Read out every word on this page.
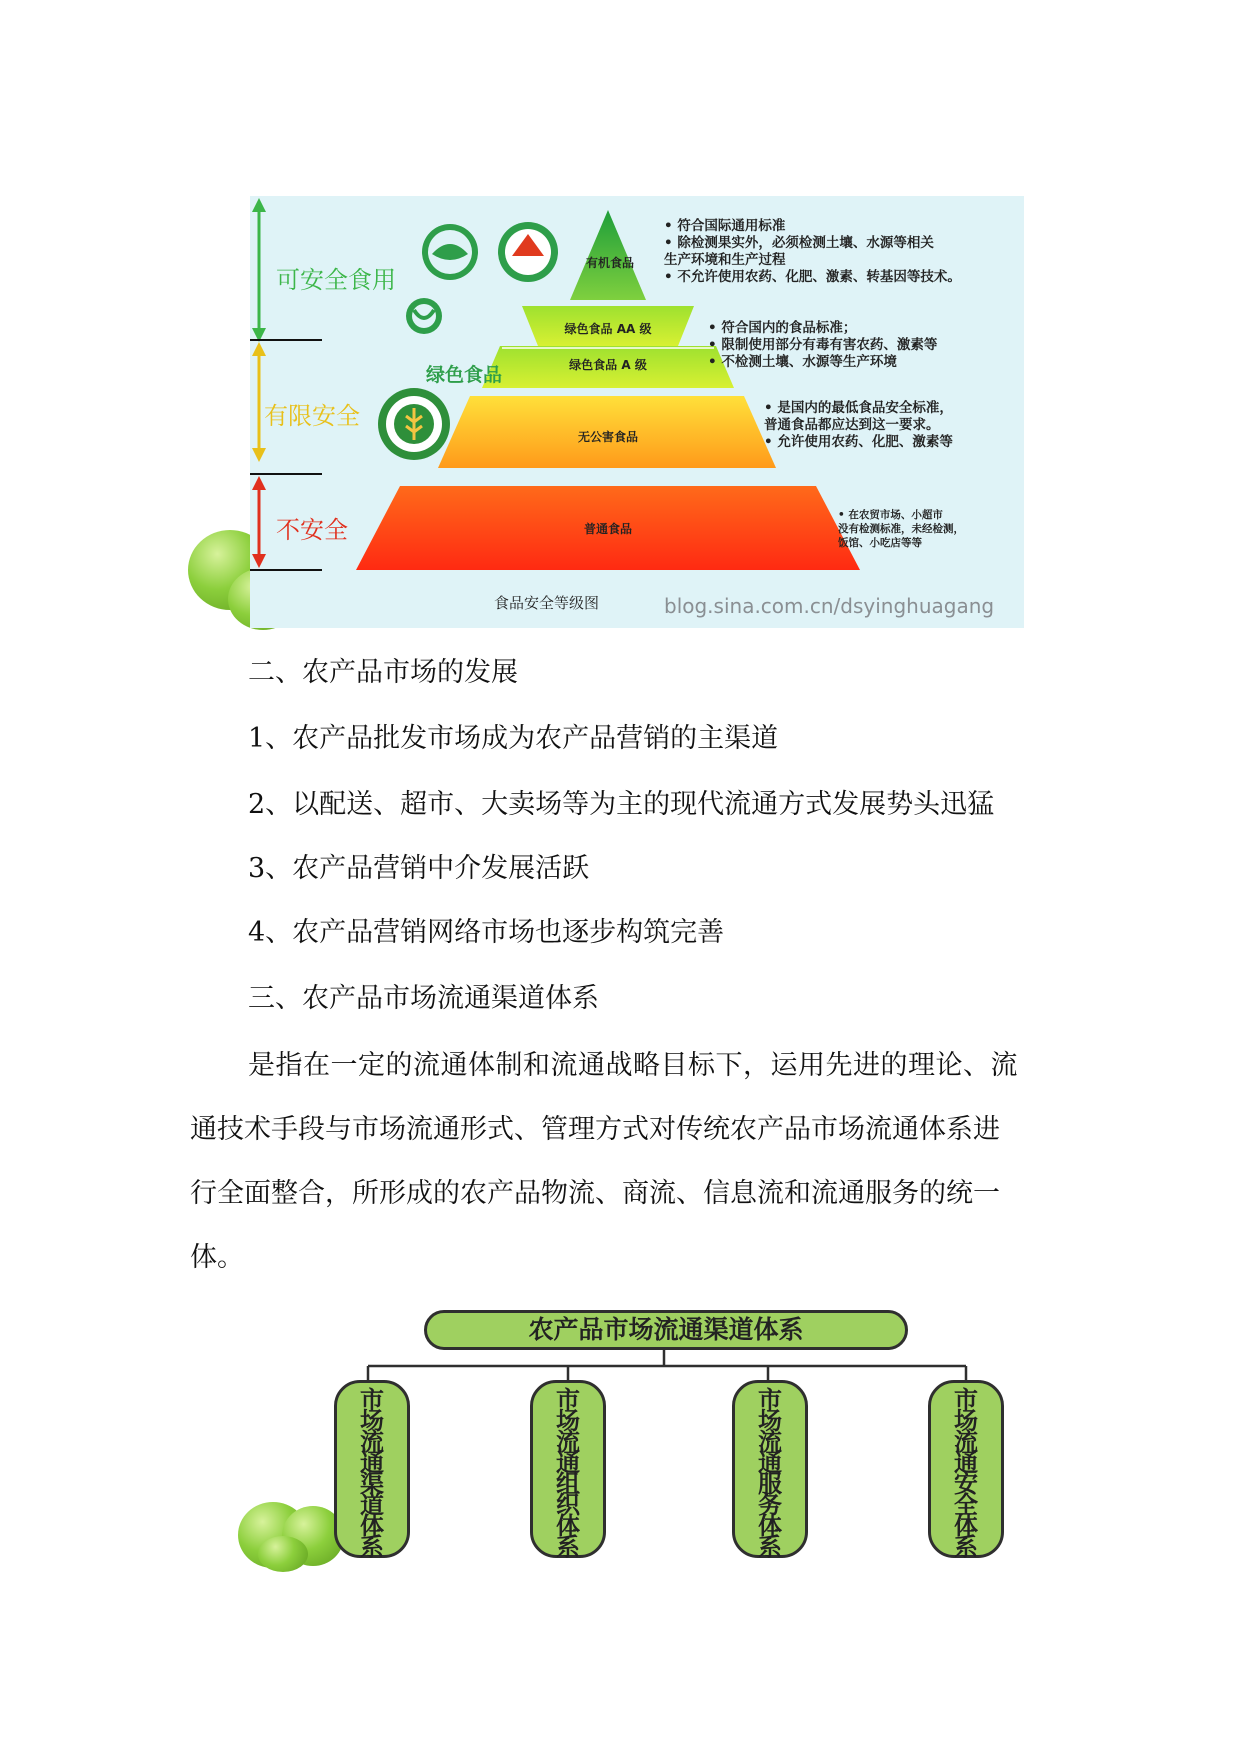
可安全食用
有限安全
不安全
有机食品
绿色食品 AA 级
绿色食品 A 级
无公害食品
普通食品
绿色食品
• 符合国际通用标准
• 除检测果实外，必须检测土壤、水源等相关
生产环境和生产过程
• 不允许使用农药、化肥、激素、转基因等技术。
• 符合国内的食品标准；
• 限制使用部分有毒有害农药、激素等
• 不检测土壤、水源等生产环境
• 是国内的最低食品安全标准，
普通食品都应达到这一要求。
• 允许使用农药、化肥、激素等
• 在农贸市场、小超市
没有检测标准，未经检测，
饭馆、小吃店等等
食品安全等级图	blog.sina.com.cn/dsyinghuagang
二、农产品市场的发展
1、农产品批发市场成为农产品营销的主渠道
2、以配送、超市、大卖场等为主的现代流通方式发展势头迅猛
3、农产品营销中介发展活跃
4、农产品营销网络市场也逐步构筑完善
三、农产品市场流通渠道体系
是指在一定的流通体制和流通战略目标下，运用先进的理论、流
通技术手段与市场流通形式、管理方式对传统农产品市场流通体系进
行全面整合，所形成的农产品物流、商流、信息流和流通服务的统一
体。
农产品市场流通渠道体系
市场流通渠道体系
市场流通组织体系
市场流通服务体系
市场流通安全体系
